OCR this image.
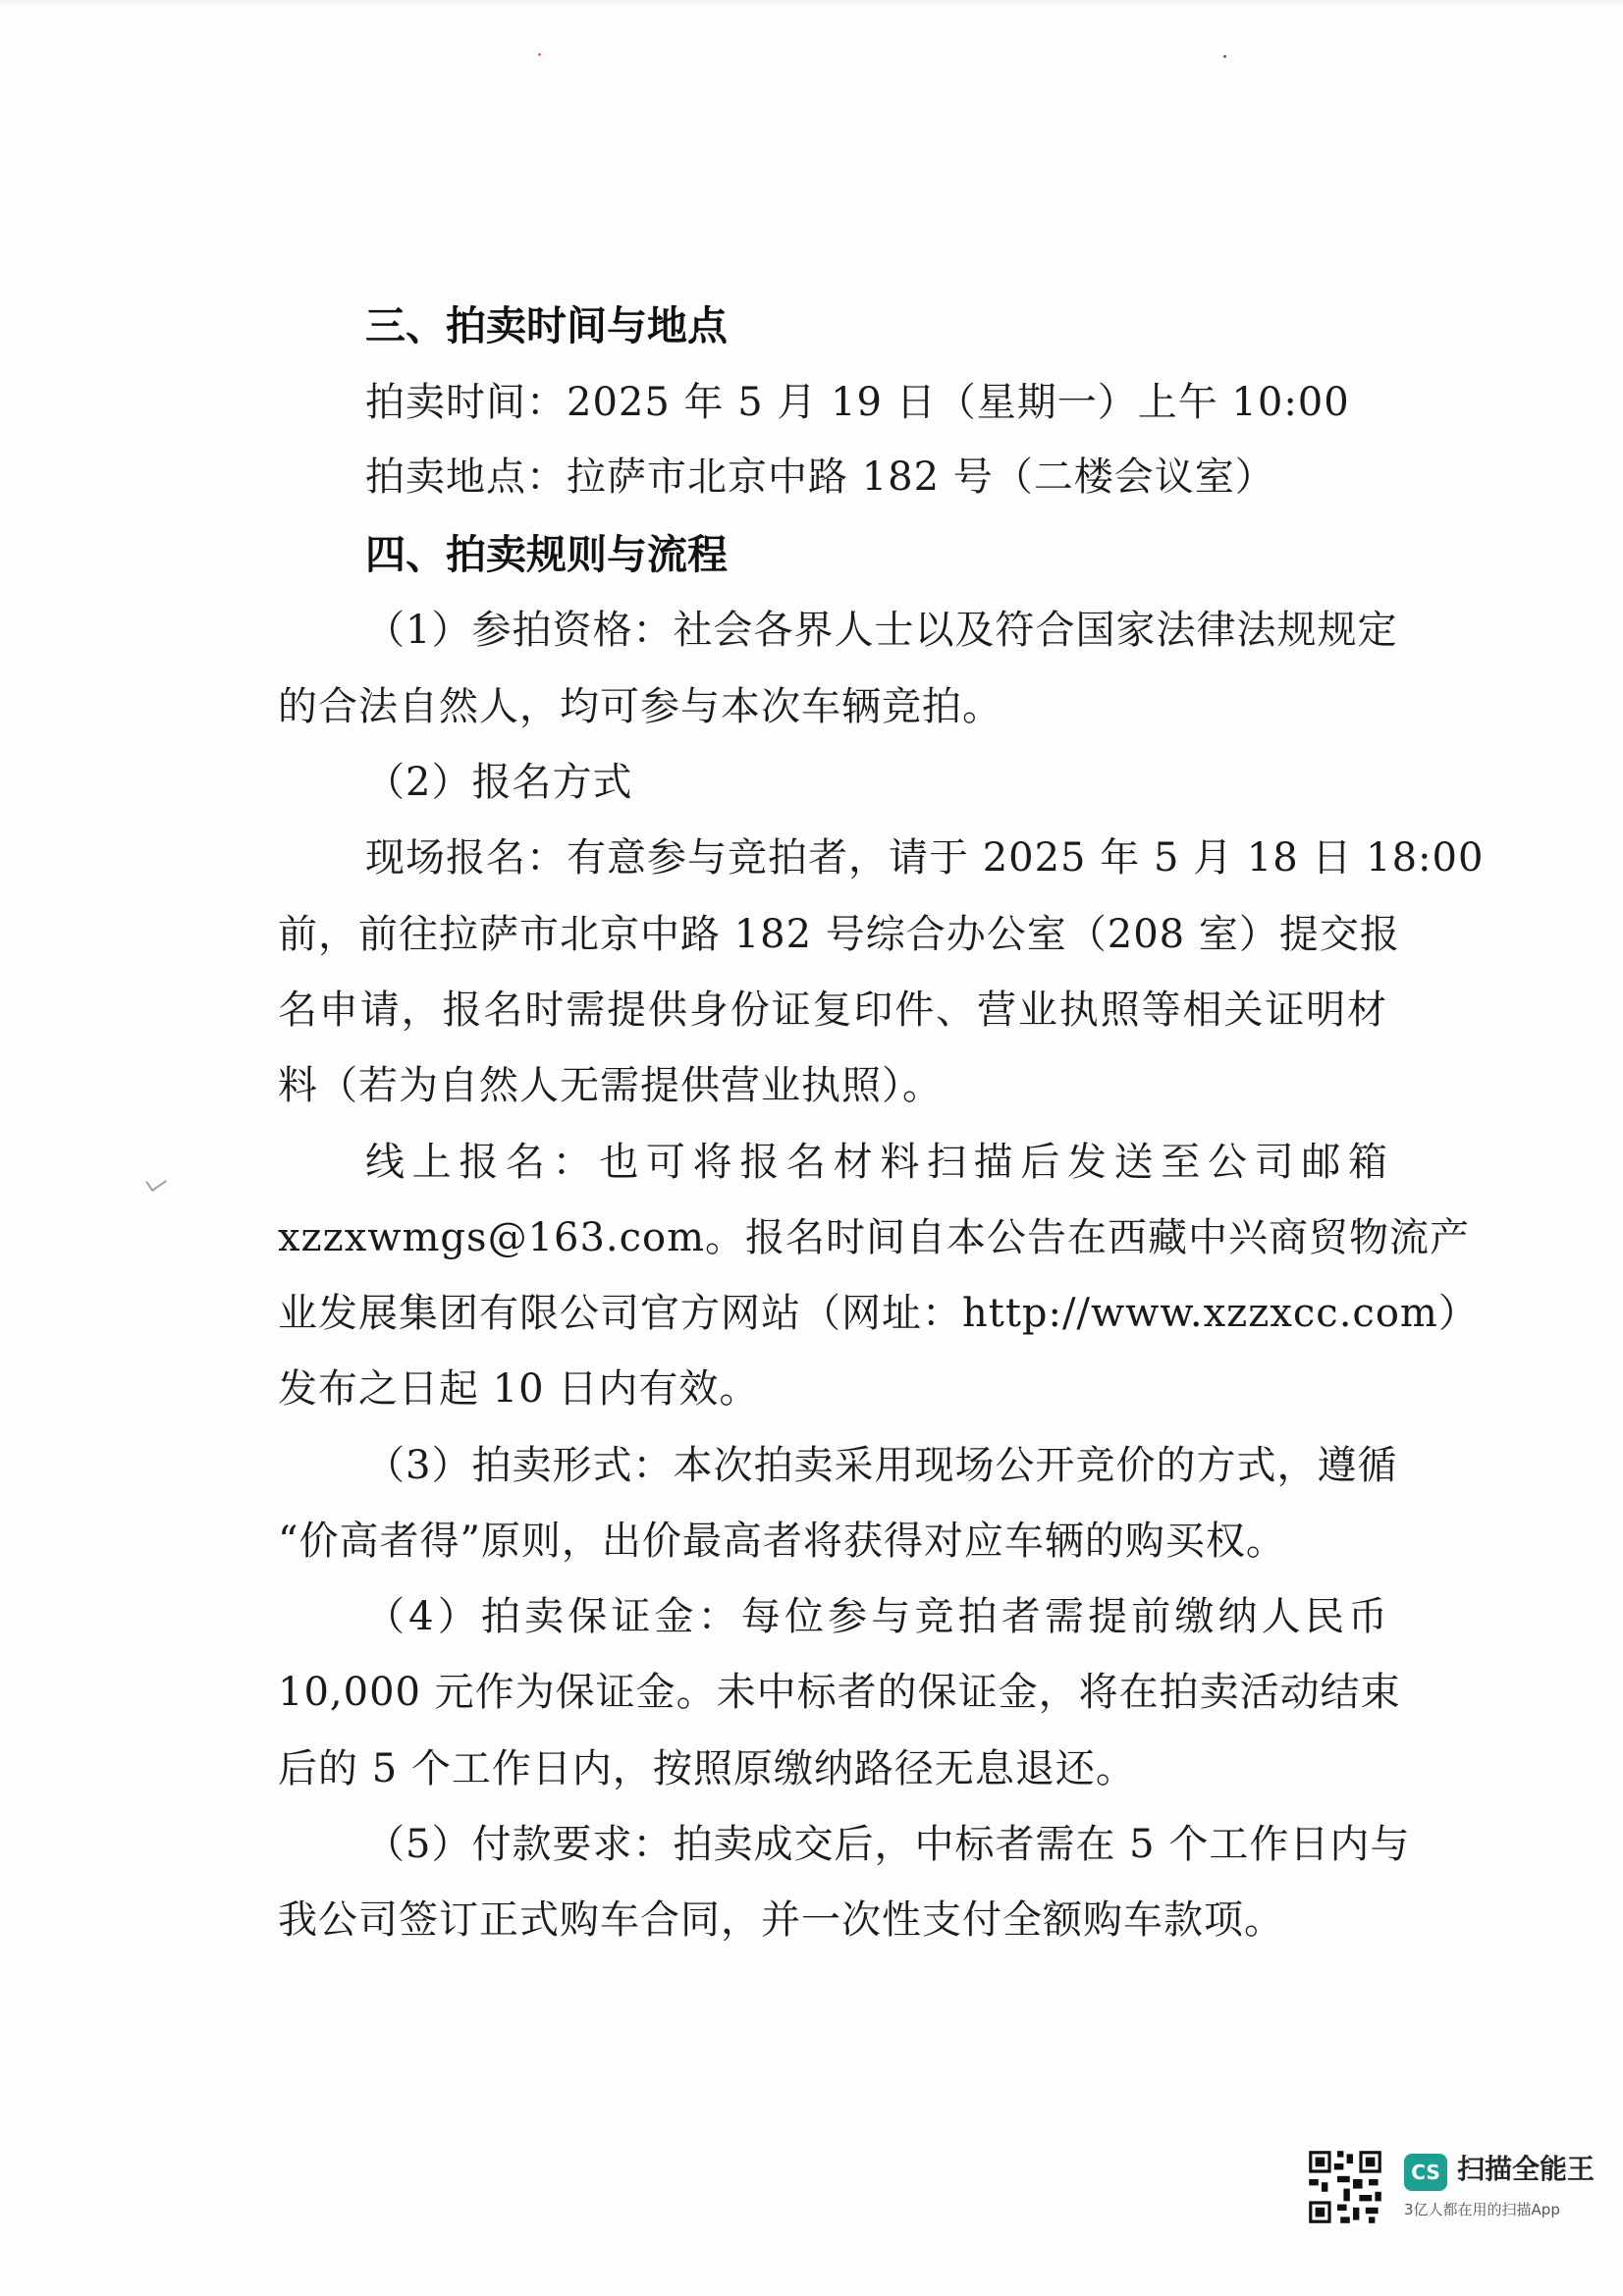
三、拍卖时间与地点
拍卖时间：2025 年 5 月 19 日（星期一）上午 10:00
拍卖地点：拉萨市北京中路 182 号（二楼会议室）
四、拍卖规则与流程
（1）参拍资格：社会各界人士以及符合国家法律法规规定
的合法自然人，均可参与本次车辆竞拍。
（2）报名方式
现场报名：有意参与竞拍者，请于 2025 年 5 月 18 日 18:00
前，前往拉萨市北京中路 182 号综合办公室（208 室）提交报
名申请，报名时需提供身份证复印件、营业执照等相关证明材
料（若为自然人无需提供营业执照）。
线上报名：也可将报名材料扫描后发送至公司邮箱
xzzxwmgs@163.com。报名时间自本公告在西藏中兴商贸物流产
业发展集团有限公司官方网站（网址：http://www.xzzxcc.com）
发布之日起 10 日内有效。
（3）拍卖形式：本次拍卖采用现场公开竞价的方式，遵循
“价高者得”原则，出价最高者将获得对应车辆的购买权。
（4）拍卖保证金：每位参与竞拍者需提前缴纳人民币
10,000 元作为保证金。未中标者的保证金，将在拍卖活动结束
后的 5 个工作日内，按照原缴纳路径无息退还。
（5）付款要求：拍卖成交后，中标者需在 5 个工作日内与
我公司签订正式购车合同，并一次性支付全额购车款项。
CS 扫描全能王
3亿人都在用的扫描App
